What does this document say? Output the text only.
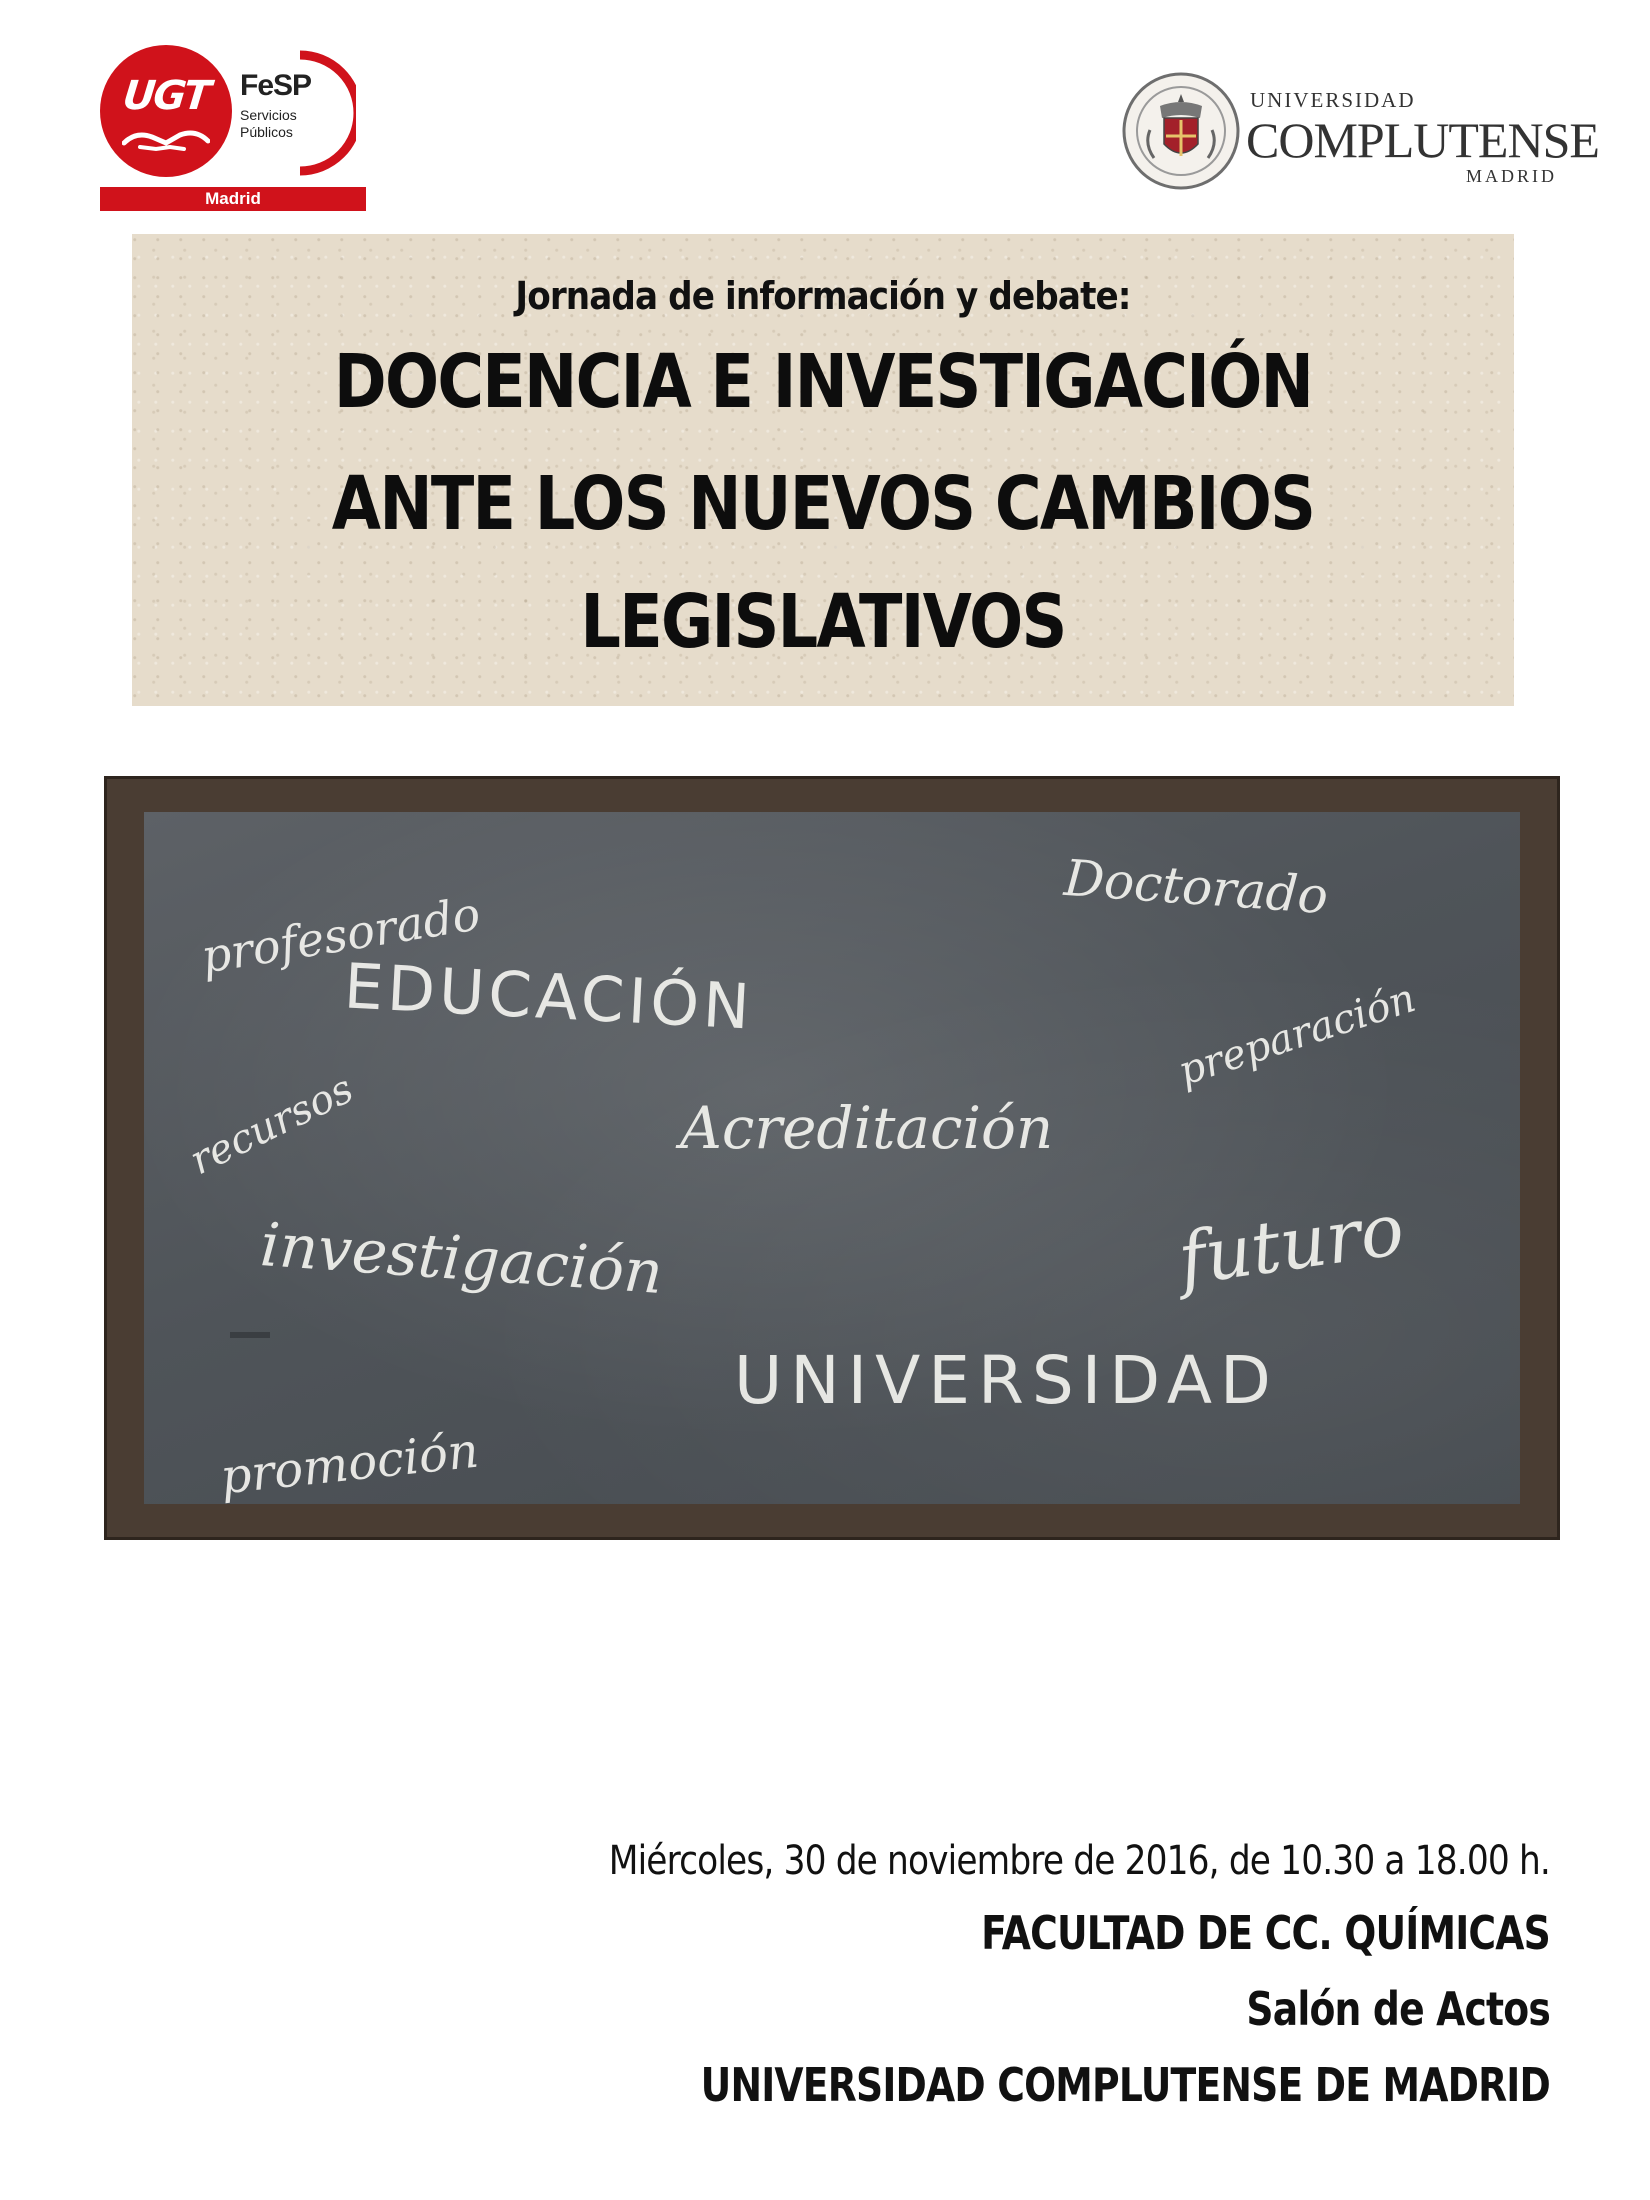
UGT FeSP
Servicios
Públicos
Madrid
UNIVERSIDAD
COMPLUTENSE
MADRID
Jornada de información y debate:
DOCENCIA E INVESTIGACIÓN
ANTE LOS NUEVOS CAMBIOS
LEGISLATIVOS
profesorado	Doctorado
EDUCACIÓN	preparación
recursos	Acreditación
futuro
investigación
UNIVERSIDAD
promoción
Miércoles, 30 de noviembre de 2016, de 10.30 a 18.00 h.
FACULTAD DE CC. QUÍMICAS
Salón de Actos
UNIVERSIDAD COMPLUTENSE DE MADRID
